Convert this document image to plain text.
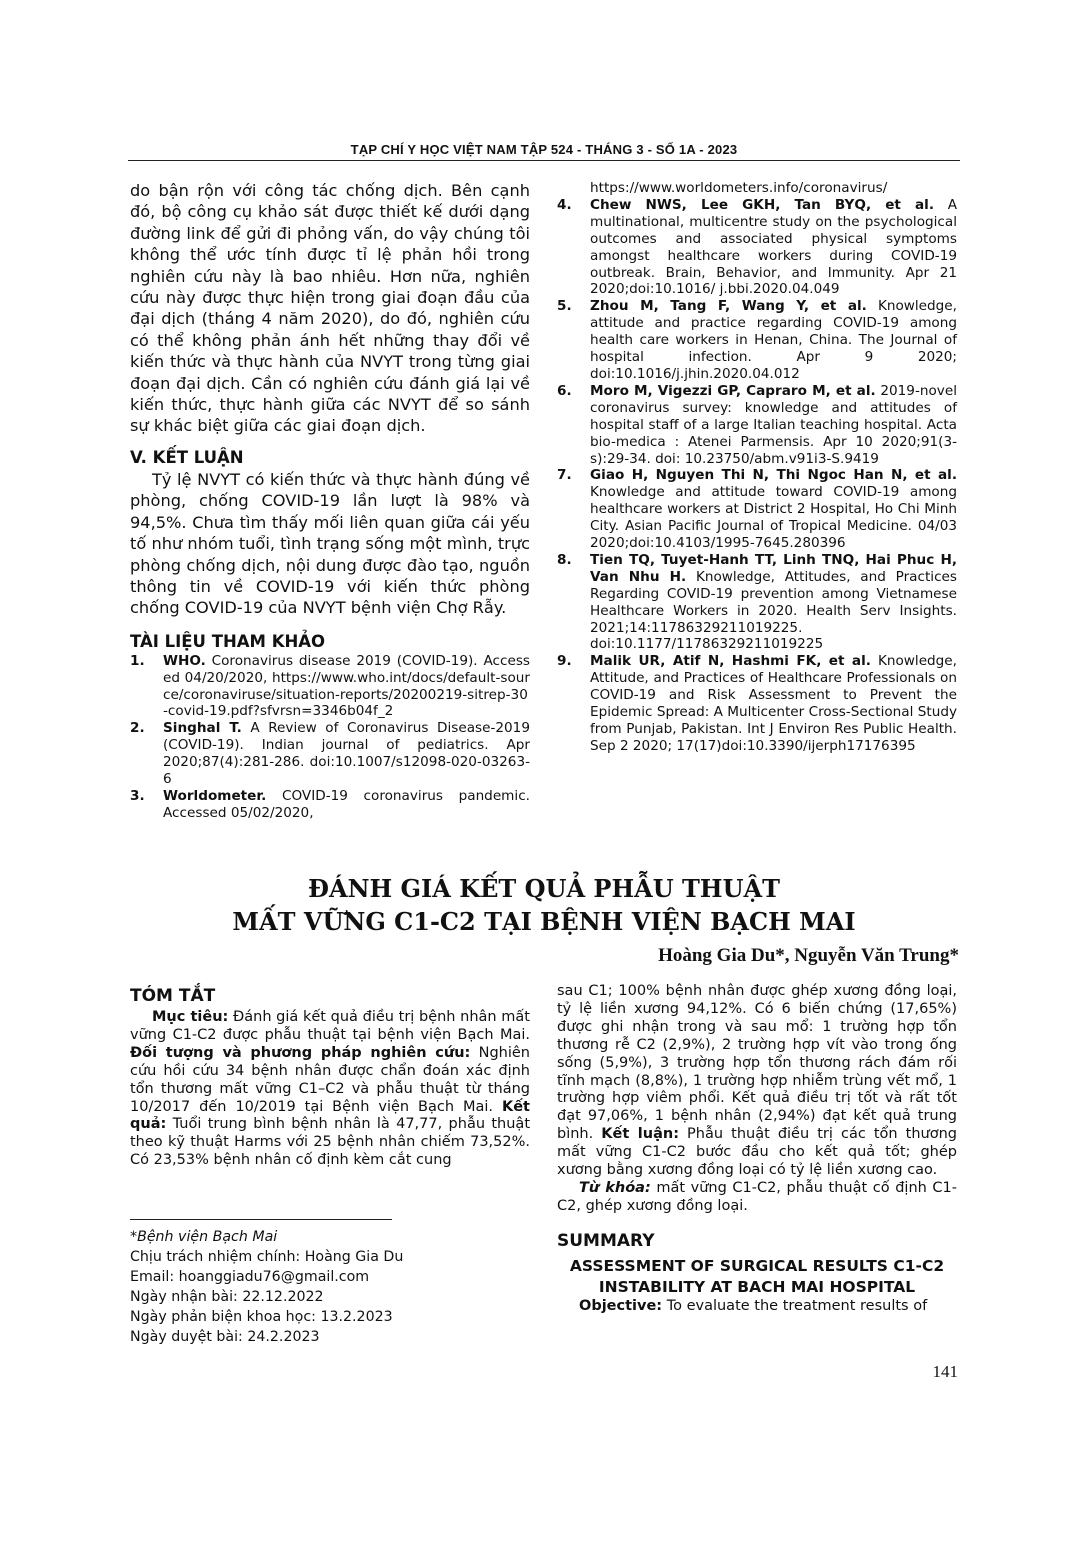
TẠP CHÍ Y HỌC VIỆT NAM TẬP 524 - THÁNG 3 - SỐ 1A - 2023

do bận rộn với công tác chống dịch. Bên cạnh đó, bộ công cụ khảo sát được thiết kế dưới dạng đường link để gửi đi phỏng vấn, do vậy chúng tôi không thể ước tính được tỉ lệ phản hồi trong nghiên cứu này là bao nhiêu. Hơn nữa, nghiên cứu này được thực hiện trong giai đoạn đầu của đại dịch (tháng 4 năm 2020), do đó, nghiên cứu có thể không phản ánh hết những thay đổi về kiến thức và thực hành của NVYT trong từng giai đoạn đại dịch. Cần có nghiên cứu đánh giá lại về kiến thức, thực hành giữa các NVYT để so sánh sự khác biệt giữa các giai đoạn dịch.

V. KẾT LUẬN

Tỷ lệ NVYT có kiến thức và thực hành đúng về phòng, chống COVID-19 lần lượt là 98% và 94,5%. Chưa tìm thấy mối liên quan giữa cái yếu tố như nhóm tuổi, tình trạng sống một mình, trực phòng chống dịch, nội dung được đào tạo, nguồn thông tin về COVID-19 với kiến thức phòng chống COVID-19 của NVYT bệnh viện Chợ Rẫy.

TÀI LIỆU THAM KHẢO

1. WHO. Coronavirus disease 2019 (COVID-19). Accessed 04/20/2020, https://www.who.int/docs/default-source/coronaviruse/situation-reports/20200219-sitrep-30-covid-19.pdf?sfvrsn=3346b04f_2
2. Singhal T. A Review of Coronavirus Disease-2019 (COVID-19). Indian journal of pediatrics. Apr 2020;87(4):281-286. doi:10.1007/s12098-020-03263-6
3. Worldometer. COVID-19 coronavirus pandemic. Accessed 05/02/2020,
https://www.worldometers.info/coronavirus/
4. Chew NWS, Lee GKH, Tan BYQ, et al. A multinational, multicentre study on the psychological outcomes and associated physical symptoms amongst healthcare workers during COVID-19 outbreak. Brain, Behavior, and Immunity. Apr 21 2020;doi:10.1016/ j.bbi.2020.04.049
5. Zhou M, Tang F, Wang Y, et al. Knowledge, attitude and practice regarding COVID-19 among health care workers in Henan, China. The Journal of hospital infection. Apr 9 2020; doi:10.1016/j.jhin.2020.04.012
6. Moro M, Vigezzi GP, Capraro M, et al. 2019-novel coronavirus survey: knowledge and attitudes of hospital staff of a large Italian teaching hospital. Acta bio-medica : Atenei Parmensis. Apr 10 2020;91(3-s):29-34. doi: 10.23750/abm.v91i3-S.9419
7. Giao H, Nguyen Thi N, Thi Ngoc Han N, et al. Knowledge and attitude toward COVID-19 among healthcare workers at District 2 Hospital, Ho Chi Minh City. Asian Pacific Journal of Tropical Medicine. 04/03 2020;doi:10.4103/1995-7645.280396
8. Tien TQ, Tuyet-Hanh TT, Linh TNQ, Hai Phuc H, Van Nhu H. Knowledge, Attitudes, and Practices Regarding COVID-19 prevention among Vietnamese Healthcare Workers in 2020. Health Serv Insights. 2021;14:11786329211019225. doi:10.1177/11786329211019225
9. Malik UR, Atif N, Hashmi FK, et al. Knowledge, Attitude, and Practices of Healthcare Professionals on COVID-19 and Risk Assessment to Prevent the Epidemic Spread: A Multicenter Cross-Sectional Study from Punjab, Pakistan. Int J Environ Res Public Health. Sep 2 2020; 17(17)doi:10.3390/ijerph17176395
ĐÁNH GIÁ KẾT QUẢ PHẪU THUẬT
MẤT VỮNG C1-C2 TẠI BỆNH VIỆN BẠCH MAI
Hoàng Gia Du*, Nguyễn Văn Trung*

TÓM TẮT

Mục tiêu: Đánh giá kết quả điều trị bệnh nhân mất vững C1-C2 được phẫu thuật tại bệnh viện Bạch Mai. Đối tượng và phương pháp nghiên cứu: Nghiên cứu hồi cứu 34 bệnh nhân được chẩn đoán xác định tổn thương mất vững C1–C2 và phẫu thuật từ tháng 10/2017 đến 10/2019 tại Bệnh viện Bạch Mai. Kết quả: Tuổi trung bình bệnh nhân là 47,77, phẫu thuật theo kỹ thuật Harms với 25 bệnh nhân chiếm 73,52%. Có 23,53% bệnh nhân cố định kèm cắt cung

*Bệnh viện Bạch Mai
Chịu trách nhiệm chính: Hoàng Gia Du
Email: hoanggiadu76@gmail.com
Ngày nhận bài: 22.12.2022
Ngày phản biện khoa học: 13.2.2023
Ngày duyệt bài: 24.2.2023

sau C1; 100% bệnh nhân được ghép xương đồng loại, tỷ lệ liền xương 94,12%. Có 6 biến chứng (17,65%) được ghi nhận trong và sau mổ: 1 trường hợp tổn thương rễ C2 (2,9%), 2 trường hợp vít vào trong ống sống (5,9%), 3 trường hợp tổn thương rách đám rối tĩnh mạch (8,8%), 1 trường hợp nhiễm trùng vết mổ, 1 trường hợp viêm phổi. Kết quả điều trị tốt và rất tốt đạt 97,06%, 1 bệnh nhân (2,94%) đạt kết quả trung bình. Kết luận: Phẫu thuật điều trị các tổn thương mất vững C1-C2 bước đầu cho kết quả tốt; ghép xương bằng xương đồng loại có tỷ lệ liền xương cao.

Từ khóa: mất vững C1-C2, phẫu thuật cố định C1-C2, ghép xương đồng loại.

SUMMARY

ASSESSMENT OF SURGICAL RESULTS C1-C2 INSTABILITY AT BACH MAI HOSPITAL

Objective: To evaluate the treatment results of

141
